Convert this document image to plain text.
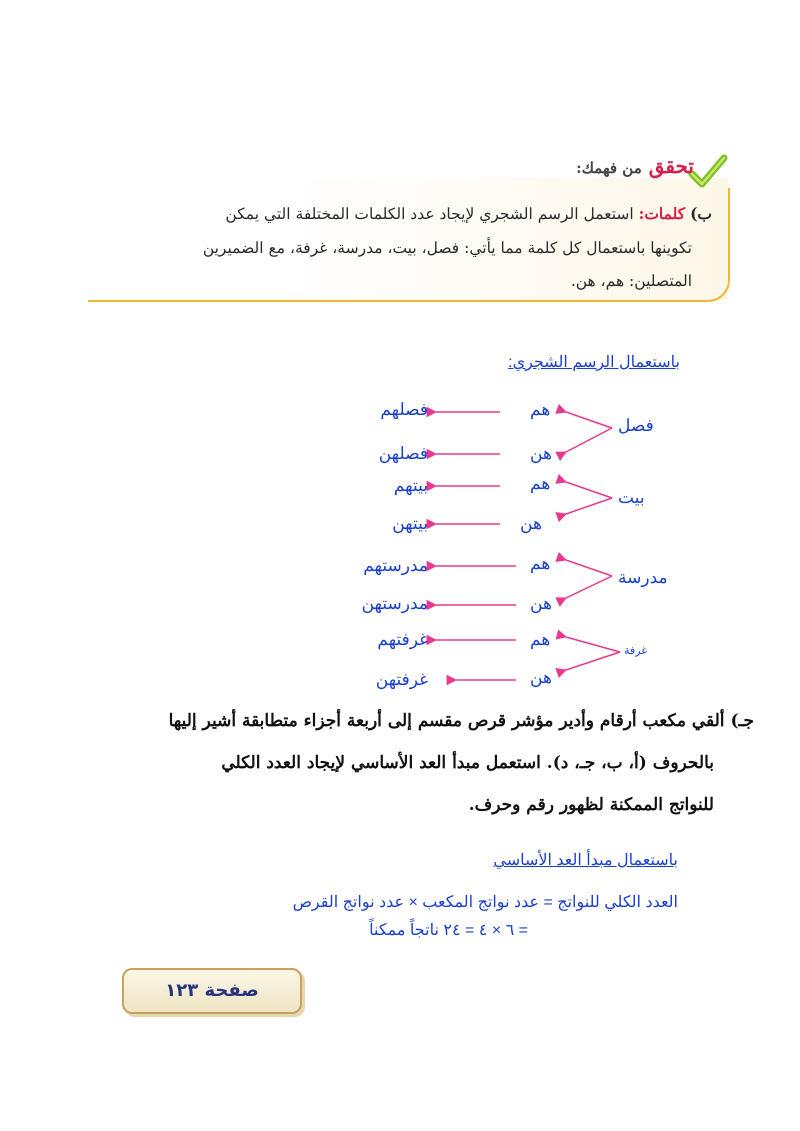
تحقق من فهمك:
ب) كلمات: استعمل الرسم الشجري لإيجاد عدد الكلمات المختلفة التي يمكن
تكوينها باستعمال كل كلمة مما يأتي: فصل، بيت، مدرسة، غرفة، مع الضميرين
المتصلين: هم، هن.
باستعمال الرسم الشجري:
فصل
بيت
مدرسة
غرفة
هم
هن
هم
هن
هم
هن
هم
هن
فصلهم
فصلهن
بيتهم
بيتهن
مدرستهم
مدرستهن
غرفتهم
غرفتهن
جـ) ألقي مكعب أرقام وأدير مؤشر قرص مقسم إلى أربعة أجزاء متطابقة أشير إليها
بالحروف (أ، ب، جـ، د). استعمل مبدأ العد الأساسي لإيجاد العدد الكلي
للنواتج الممكنة لظهور رقم وحرف.
باستعمال مبدأ العد الأساسي
العدد الكلي للنواتج = عدد نواتج المكعب × عدد نواتج القرص
= ٦ × ٤ = ٢٤ ناتجاً ممكناً
صفحة ١٢٣
